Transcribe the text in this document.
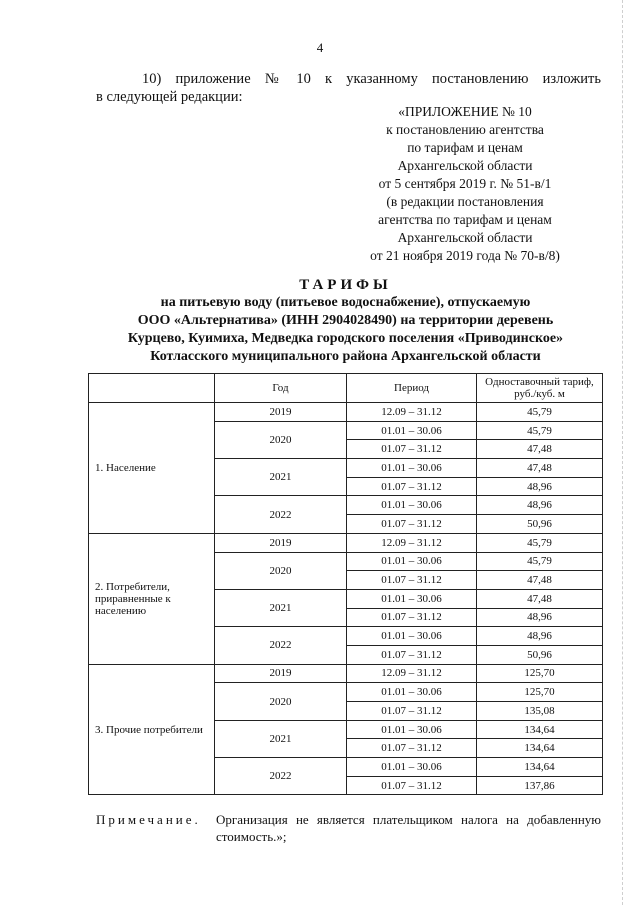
4
10)  приложение  №  10  к  указанному  постановлению  изложить
в следующей редакции:
«ПРИЛОЖЕНИЕ № 10
к постановлению агентства
по тарифам и ценам
Архангельской области
от 5 сентября 2019 г. № 51-в/1
(в редакции постановления
агентства по тарифам и ценам
Архангельской области
от 21 ноября 2019 года № 70-в/8)
ТАРИФЫ
на питьевую воду (питьевое водоснабжение), отпускаемую
ООО «Альтернатива» (ИНН 2904028490) на территории деревень
Курцево, Куимиха, Медведка городского поселения «Приводинское»
Котласского муниципального района Архангельской области
	Год	Период	Одноставочный тариф, руб./куб. м
1. Население	2019	12.09 – 31.12	45,79
	2020	01.01 – 30.06	45,79
		01.07 – 31.12	47,48
	2021	01.01 – 30.06	47,48
		01.07 – 31.12	48,96
	2022	01.01 – 30.06	48,96
		01.07 – 31.12	50,96
2. Потребители, приравненные к населению	2019	12.09 – 31.12	45,79
	2020	01.01 – 30.06	45,79
		01.07 – 31.12	47,48
	2021	01.01 – 30.06	47,48
		01.07 – 31.12	48,96
	2022	01.01 – 30.06	48,96
		01.07 – 31.12	50,96
3. Прочие потребители	2019	12.09 – 31.12	125,70
	2020	01.01 – 30.06	125,70
		01.07 – 31.12	135,08
	2021	01.01 – 30.06	134,64
		01.07 – 31.12	134,64
	2022	01.01 – 30.06	134,64
		01.07 – 31.12	137,86
Примечание. Организация не является плательщиком налога на добавленную
стоимость.»;
